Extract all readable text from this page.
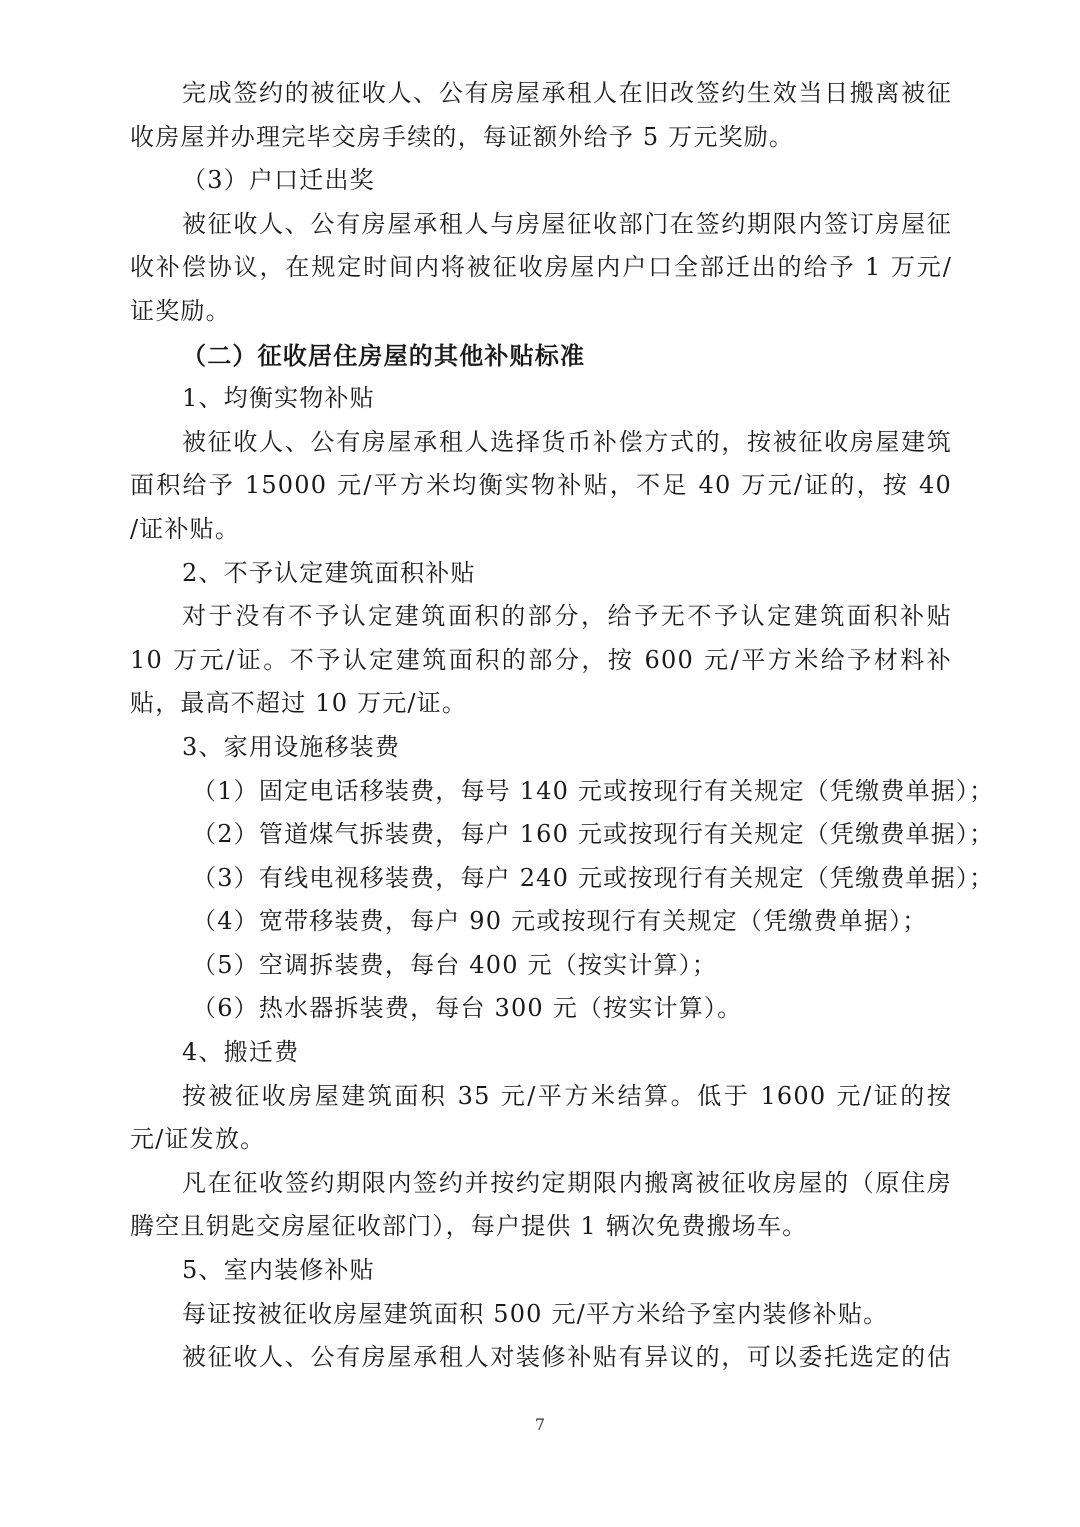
完成签约的被征收人、公有房屋承租人在旧改签约生效当日搬离被征
收房屋并办理完毕交房手续的，每证额外给予 5 万元奖励。
（3）户口迁出奖
被征收人、公有房屋承租人与房屋征收部门在签约期限内签订房屋征
收补偿协议，在规定时间内将被征收房屋内户口全部迁出的给予 1 万元/
证奖励。
（二）征收居住房屋的其他补贴标准
1、均衡实物补贴
被征收人、公有房屋承租人选择货币补偿方式的，按被征收房屋建筑
面积给予 15000 元/平方米均衡实物补贴，不足 40 万元/证的，按 40
/证补贴。
2、不予认定建筑面积补贴
对于没有不予认定建筑面积的部分，给予无不予认定建筑面积补贴
10 万元/证。不予认定建筑面积的部分，按 600 元/平方米给予材料补
贴，最高不超过 10 万元/证。
3、家用设施移装费
（1）固定电话移装费，每号 140 元或按现行有关规定（凭缴费单据）；
（2）管道煤气拆装费，每户 160 元或按现行有关规定（凭缴费单据）；
（3）有线电视移装费，每户 240 元或按现行有关规定（凭缴费单据）；
（4）宽带移装费，每户 90 元或按现行有关规定（凭缴费单据）；
（5）空调拆装费，每台 400 元（按实计算）；
（6）热水器拆装费，每台 300 元（按实计算）。
4、搬迁费
按被征收房屋建筑面积 35 元/平方米结算。低于 1600 元/证的按
元/证发放。
凡在征收签约期限内签约并按约定期限内搬离被征收房屋的（原住房
腾空且钥匙交房屋征收部门），每户提供 1 辆次免费搬场车。
5、室内装修补贴
每证按被征收房屋建筑面积 500 元/平方米给予室内装修补贴。
被征收人、公有房屋承租人对装修补贴有异议的，可以委托选定的估
7
